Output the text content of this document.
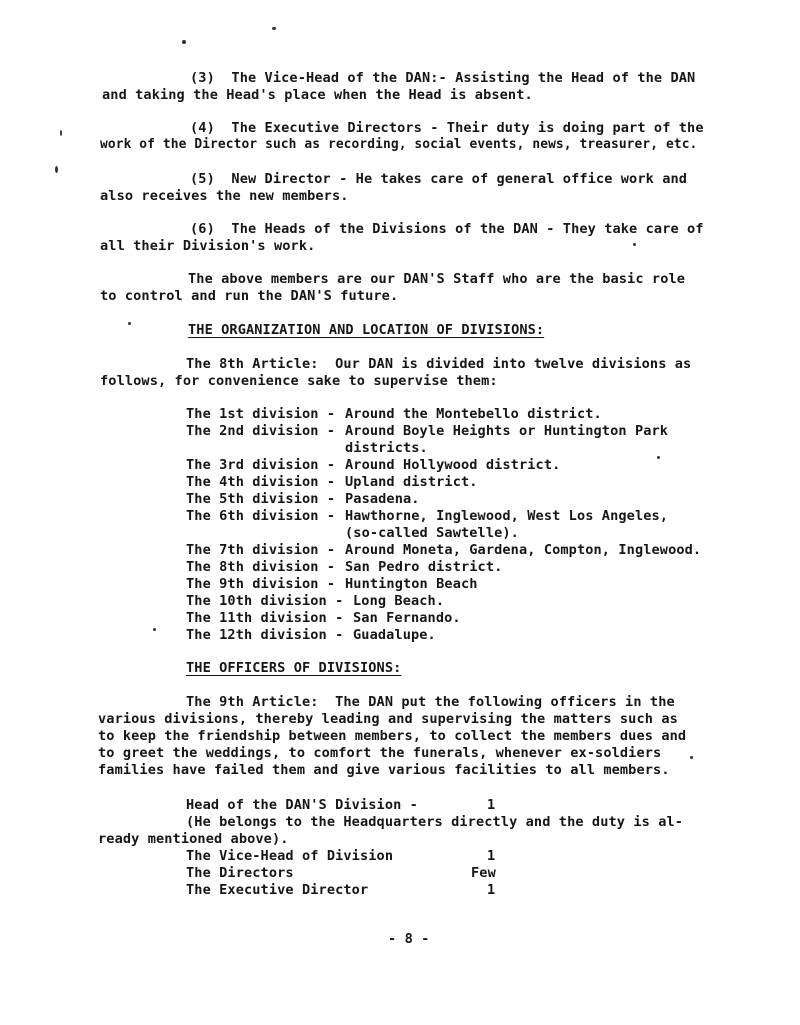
(3)  The Vice-Head of the DAN:- Assisting the Head of the DAN
and taking the Head's place when the Head is absent.
(4)  The Executive Directors - Their duty is doing part of the
work of the Director such as recording, social events, news, treasurer, etc.
(5)  New Director - He takes care of general office work and
also receives the new members.
(6)  The Heads of the Divisions of the DAN - They take care of
all their Division's work.
The above members are our DAN'S Staff who are the basic role
to control and run the DAN'S future.
THE ORGANIZATION AND LOCATION OF DIVISIONS:
The 8th Article:  Our DAN is divided into twelve divisions as
follows, for convenience sake to supervise them:
The 1st division - Around the Montebello district.
The 2nd division - Around Boyle Heights or Huntington Park
districts.
The 3rd division - Around Hollywood district.
The 4th division - Upland district.
The 5th division - Pasadena.
The 6th division - Hawthorne, Inglewood, West Los Angeles,
(so-called Sawtelle).
The 7th division - Around Moneta, Gardena, Compton, Inglewood.
The 8th division - San Pedro district.
The 9th division - Huntington Beach
The 10th division - Long Beach.
The 11th division - San Fernando.
The 12th division - Guadalupe.
THE OFFICERS OF DIVISIONS:
The 9th Article:  The DAN put the following officers in the
various divisions, thereby leading and supervising the matters such as
to keep the friendship between members, to collect the members dues and
to greet the weddings, to comfort the funerals, whenever ex-soldiers
families have failed them and give various facilities to all members.
Head of the DAN'S Division -	1
(He belongs to the Headquarters directly and the duty is al-
ready mentioned above).
The Vice-Head of Division	1
The Directors	Few
The Executive Director	1
- 8 -
